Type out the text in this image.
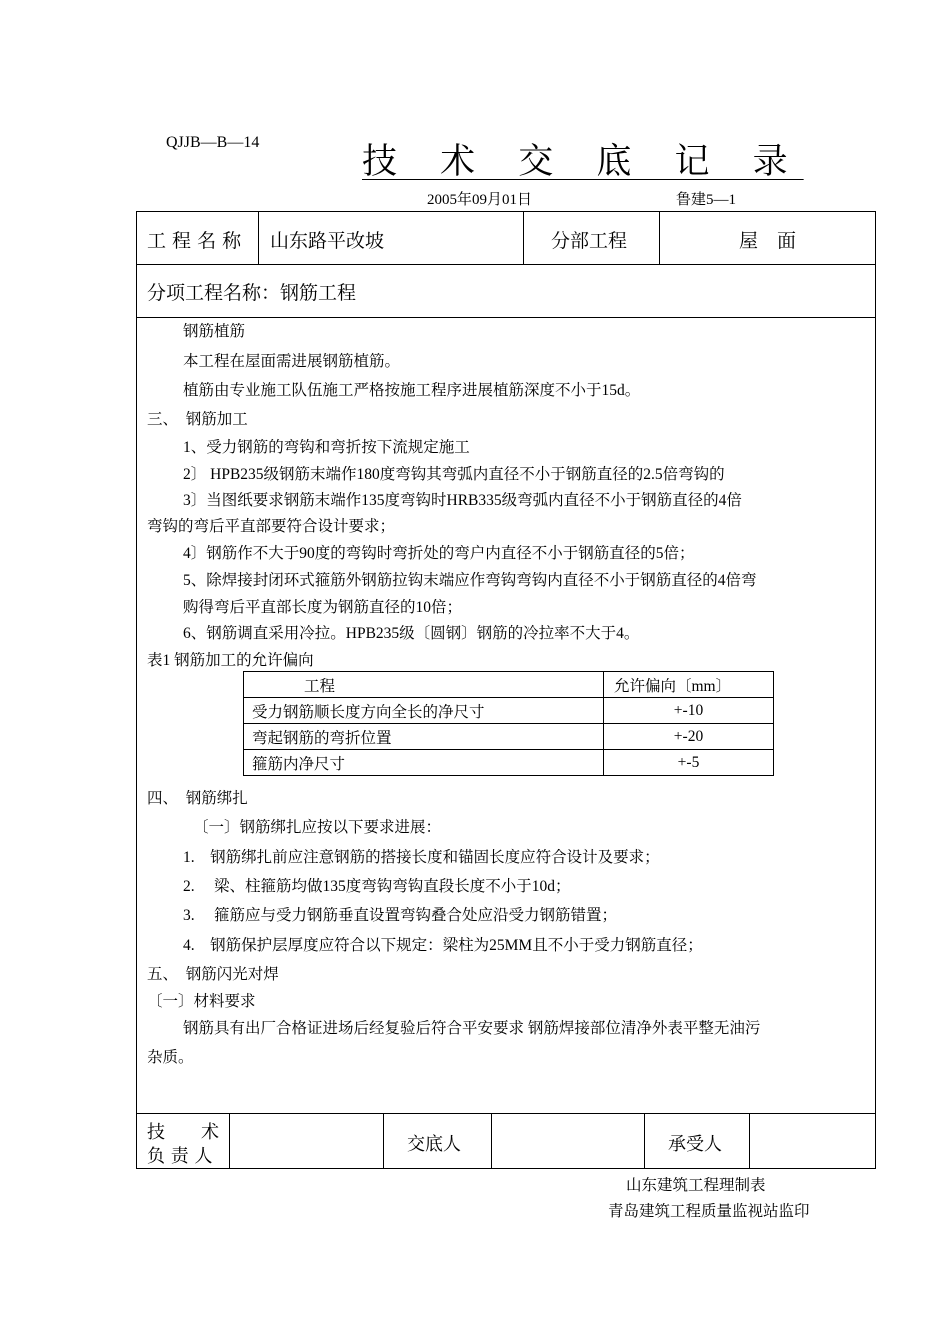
QJJB—B—14	技 术 交 底 记 录
2005年09月01日	鲁建5—1
工 程 名 称 山东路平改坡	分部工程	屋　面
分项工程名称：钢筋工程
钢筋植筋
本工程在屋面需进展钢筋植筋。
植筋由专业施工队伍施工严格按施工程序进展植筋深度不小于15d。
三、　钢筋加工
1、受力钢筋的弯钩和弯折按下流规定施工
2〕 HPB235级钢筋末端作180度弯钩其弯弧内直径不小于钢筋直径的2.5倍弯钩的
3〕当图纸要求钢筋末端作135度弯钩时HRB335级弯弧内直径不小于钢筋直径的4倍
弯钩的弯后平直部要符合设计要求；
4〕钢筋作不大于90度的弯钩时弯折处的弯户内直径不小于钢筋直径的5倍；
5、除焊接封闭环式箍筋外钢筋拉钩末端应作弯钩弯钩内直径不小于钢筋直径的4倍弯
购得弯后平直部长度为钢筋直径的10倍；
6、钢筋调直采用冷拉。HPB235级〔圆钢〕钢筋的冷拉率不大于4。
表1 钢筋加工的允许偏向
工程	允许偏向〔mm〕
受力钢筋顺长度方向全长的净尺寸	+-10
弯起钢筋的弯折位置	+-20
箍筋内净尺寸	+-5
四、　钢筋绑扎
〔一〕钢筋绑扎应按以下要求进展：
1.　钢筋绑扎前应注意钢筋的搭接长度和锚固长度应符合设计及要求；
2.　 梁、柱箍筋均做135度弯钩弯钩直段长度不小于10d；
3.　 箍筋应与受力钢筋垂直设置弯钩叠合处应沿受力钢筋错置；
4.　钢筋保护层厚度应符合以下规定：梁柱为25MM且不小于受力钢筋直径；
五、　钢筋闪光对焊
〔一〕材料要求
钢筋具有出厂合格证进场后经复验后符合平安要求 钢筋焊接部位清净外表平整无油污
杂质。
技　　术
负 责 人
交底人	承受人
山东建筑工程理制表
青岛建筑工程质量监视站监印
